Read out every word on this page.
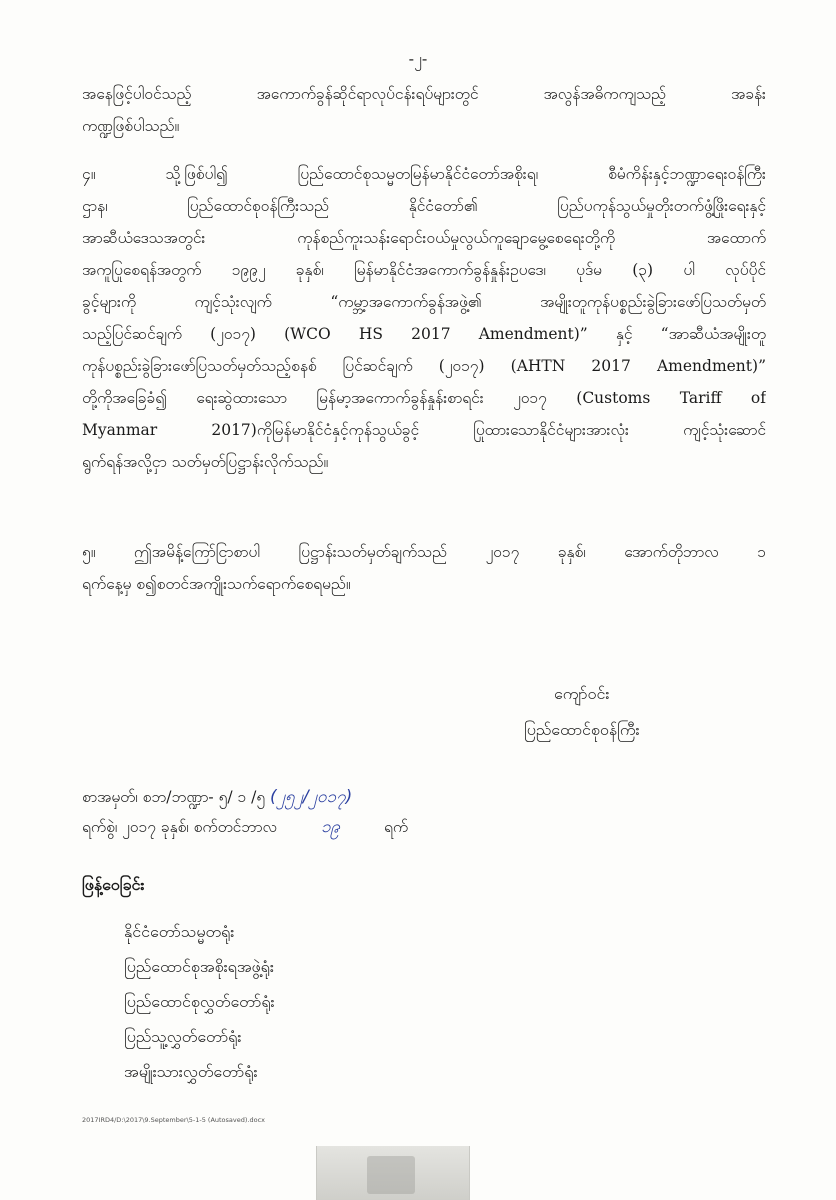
-၂-
အနေဖြင့်ပါဝင်သည့် အကောက်ခွန်ဆိုင်ရာလုပ်ငန်းရပ်များတွင် အလွန်အဓိကကျသည့် အခန်း
ကဏ္ဍဖြစ်ပါသည်။
၄။ သို့ဖြစ်ပါ၍ ပြည်ထောင်စုသမ္မတမြန်မာနိုင်ငံတော်အစိုးရ၊ စီမံကိန်းနှင့်ဘဏ္ဍာရေးဝန်ကြီး
ဌာန၊ ပြည်ထောင်စုဝန်ကြီးသည် နိုင်ငံတော်၏ ပြည်ပကုန်သွယ်မှုတိုးတက်ဖွံ့ဖြိုးရေးနှင့်
အာဆီယံဒေသအတွင်း ကုန်စည်ကူးသန်းရောင်းဝယ်မှုလွယ်ကူချောမွေ့စေရေးတို့ကို အထောက်
အကူပြုစေရန်အတွက် ၁၉၉၂ ခုနှစ်၊ မြန်မာနိုင်ငံအကောက်ခွန်နှုန်းဥပဒေ၊ ပုဒ်မ (၃) ပါ လုပ်ပိုင်
ခွင့်များကို ကျင့်သုံးလျက် “ကမ္ဘာ့အကောက်ခွန်အဖွဲ့၏ အမျိုးတူကုန်ပစ္စည်းခွဲခြားဖော်ပြသတ်မှတ်
သည့်ပြင်ဆင်ချက် (၂၀၁၇) (WCO HS 2017 Amendment)” နှင့် “အာဆီယံအမျိုးတူ
ကုန်ပစ္စည်းခွဲခြားဖော်ပြသတ်မှတ်သည့်စနစ် ပြင်ဆင်ချက် (၂၀၁၇) (AHTN 2017 Amendment)”
တို့ကိုအခြေခံ၍ ရေးဆွဲထားသော မြန်မာ့အကောက်ခွန်နှုန်းစာရင်း ၂၀၁၇ (Customs Tariff of
Myanmar 2017)ကိုမြန်မာနိုင်ငံနှင့်ကုန်သွယ်ခွင့် ပြုထားသောနိုင်ငံများအားလုံး ကျင့်သုံးဆောင်
ရွက်ရန်အလို့ငှာ သတ်မှတ်ပြဋ္ဌာန်းလိုက်သည်။
၅။ ဤအမိန့်ကြော်ငြာစာပါ ပြဋ္ဌာန်းသတ်မှတ်ချက်သည် ၂၀၁၇ ခုနှစ်၊ အောက်တိုဘာလ ၁
ရက်နေ့မှ စ၍စတင်အကျိုးသက်ရောက်စေရမည်။
ကျော်ဝင်း
ပြည်ထောင်စုဝန်ကြီး
စာအမှတ်၊ စဘ/ဘဏ္ဍာ- ၅/ ၁ /၅ (၂၅၂/၂၀၁၇)
ရက်စွဲ၊ ၂၀၁၇ ခုနှစ်၊ စက်တင်ဘာလ	၁၉	ရက်
ဖြန့်ဝေခြင်း
နိုင်ငံတော်သမ္မတရုံး
ပြည်ထောင်စုအစိုးရအဖွဲ့ရုံး
ပြည်ထောင်စုလွှတ်တော်ရုံး
ပြည်သူ့လွှတ်တော်ရုံး
အမျိုးသားလွှတ်တော်ရုံး
2017IRD4/D:\2017\9.September\5-1-5 (Autosaved).docx
